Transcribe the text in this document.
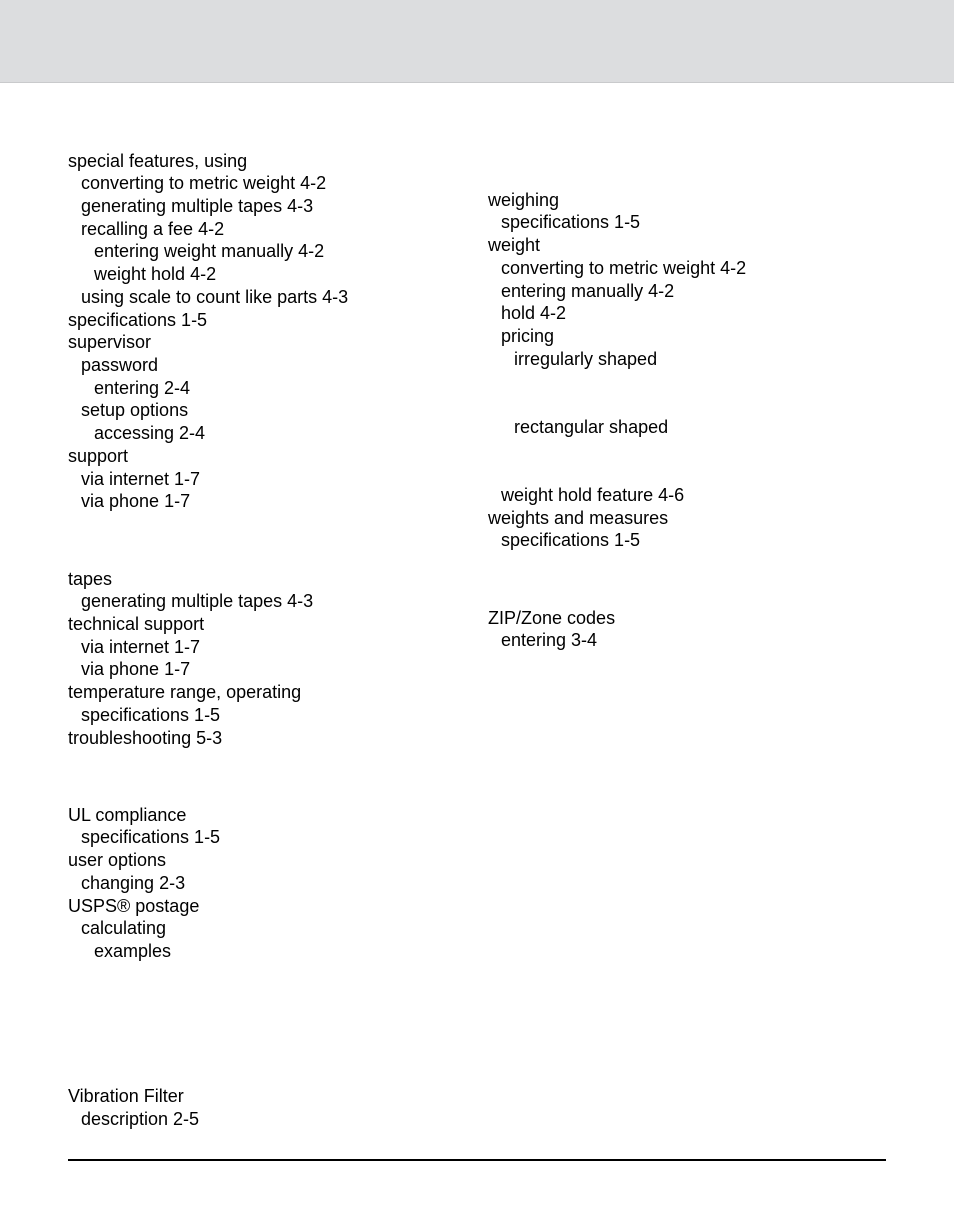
special features, using
converting to metric weight 4-2
generating multiple tapes 4-3
recalling a fee 4-2
entering weight manually 4-2
weight hold 4-2
using scale to count like parts 4-3
specifications 1-5
supervisor
password
entering 2-4
setup options
accessing 2-4
support
via internet 1-7
via phone 1-7
tapes
generating multiple tapes 4-3
technical support
via internet 1-7
via phone 1-7
temperature range, operating
specifications 1-5
troubleshooting 5-3
UL compliance
specifications 1-5
user options
changing 2-3
USPS® postage
calculating
examples
Vibration Filter
description 2-5
weighing
specifications 1-5
weight
converting to metric weight 4-2
entering manually 4-2
hold 4-2
pricing
irregularly shaped
rectangular shaped
weight hold feature 4-6
weights and measures
specifications 1-5
ZIP/Zone codes
entering 3-4
